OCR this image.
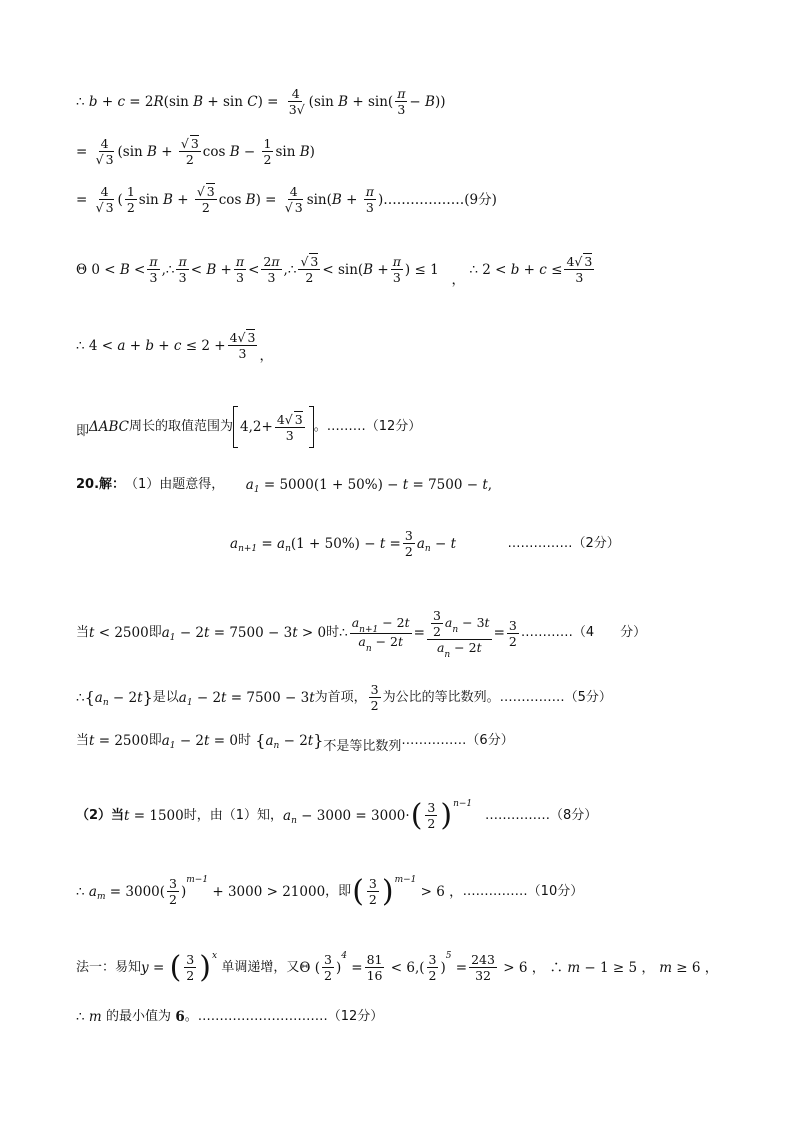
∴ b + c = 2 R (sin B + sin C ) = $\frac{4}{3√} (\sin$ $B + \sin( \frac{\pi}{3} - B$ ))
= $\frac{4}{√ 3} (\sin$ $B + \frac{√ 3}{2}$ $\cos B - \frac{1}{2}$ sin B )
= $\frac{4}{√ 3}$ ( $\frac{1}{2}$ $\sin B + \frac{√ 3}{2}$ cos B ) = $\frac{4}{√ 3} \sin$( $B + \frac{\pi}{3}$ ) ………………(9分)
Θ $0 < B < \frac{\pi}{3}$ ,∴ $\frac{\pi}{3} < B + \frac{\pi}{3} < \frac{2\pi}{3}$ ,∴ $\frac{√ 3}{2} < \sin$( $B + \frac{\pi}{3}$ ) ≤ 1
，
∴ $2 < b + c \le \frac{4√ 3}{3}$
∴ $4 < a + b + c \le 2 + \frac{4√ 3}{3}$ ，
即 ΔABC 周长的取值范围为 $4,2+ \frac{4√ 3}{3}$ 。………（12分）
20.解： （1）由题意得，
a 1 = 5000(1 + 50%) − t = 7500 − t ,
a n+1 = a n $(1 + 50\%) - t = \frac{3}{2}$ a n − t
	……………（2分）
当 t < 2500 即 a 1 − 2 t = 7500 − 3 t > 0 时 ∴ $\frac{a_{n+1} - 2t}{a_n - 2t} = \frac{\frac{3}{2} a_n - 3t}{a_n - 2t} = \frac{3}{2}$ …………（4　　分）
∴ { a n − 2 t } 是以 a 1 − 2 t = 7500 − 3 t 为首项， $\frac{3}{2}$ 为公比的等比数列。 ……………（5分）
当 t = 2500 即 a 1 − 2 t = 0 时
{ a n − 2 t } 不是等比数列 ……………（6分）
（2）当 t = 1500 时，由（1）知， a n − 3000 = 3000· ( $\frac{3}{2}$ ) n−1

……………（8分）
∴ a $m = 3000( \frac{3}{2}$ )
m−1
+ 3000 > 21000 ，即 ( $\frac{3}{2}$ ) m−1
> 6 ， ……………（10分）
法一：易知 y = ( $\frac{3}{2}$ ) x

单调递增，又 Θ ( $\frac{3}{2}$ )
4
= $\frac{81}{16} < 6,( \frac{3}{2}$ )
5
= $\frac{243}{32} > 6$ ， ∴ m − 1 ≥ 5 ， m ≥ 6 ，
∴ m
的最小值为
6 。 …………………………（12分）
